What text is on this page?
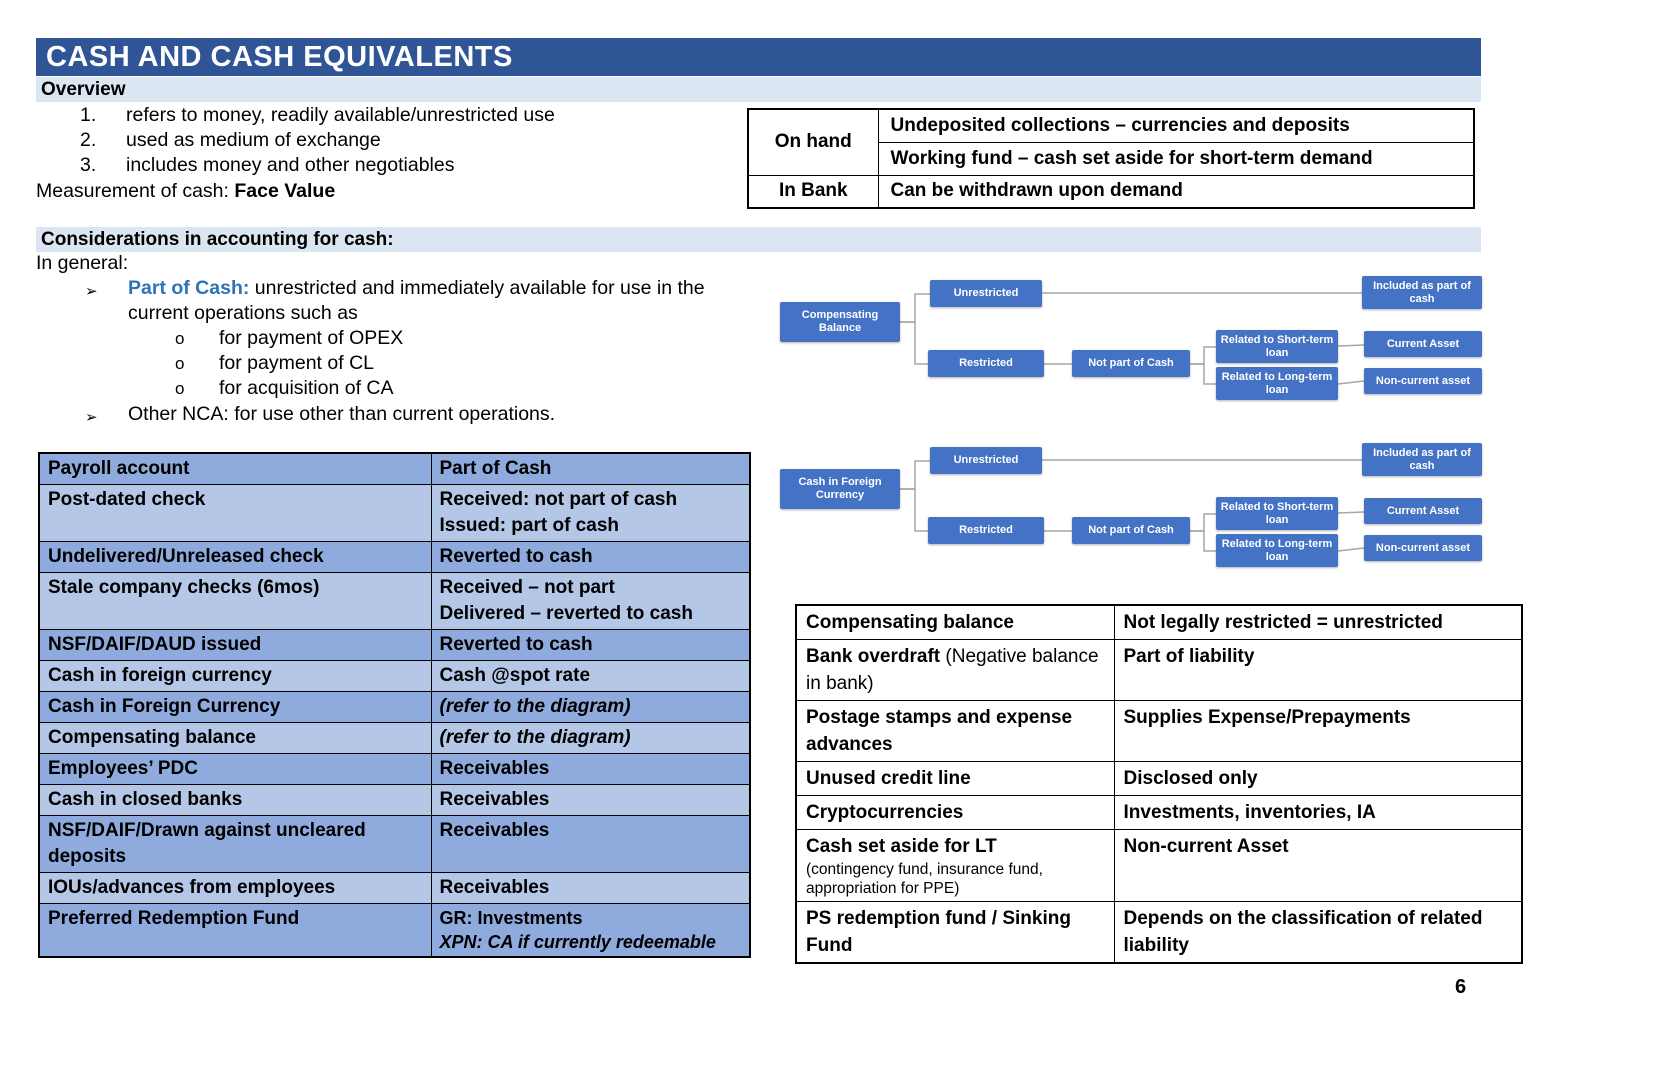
CASH AND CASH EQUIVALENTS
Overview
1.	refers to money, readily available/unrestricted use
2.	used as medium of exchange
3.	includes money and other negotiables
Measurement of cash: Face Value
On hand	Undeposited collections – currencies and deposits
	Working fund – cash set aside for short-term demand
In Bank	Can be withdrawn upon demand
Considerations in accounting for cash:
In general:
➢	Part of Cash: unrestricted and immediately available for use in the current operations such as
o	for payment of OPEX
o	for payment of CL
o	for acquisition of CA
➢	Other NCA: for use other than current operations.
Compensating Balance
Unrestricted
Restricted	Not part of Cash
Related to Short-term loan
Related to Long-term loan
Included as part of cash
Current Asset
Non-current asset
Cash in Foreign Currency
Unrestricted
Restricted	Not part of Cash
Related to Short-term loan
Related to Long-term loan
Included as part of cash
Current Asset
Non-current asset
Payroll account	Part of Cash

Post-dated check	Received: not part of cash
Issued: part of cash

Undelivered/Unreleased check	Reverted to cash

Stale company checks (6mos)	Received – not part
Delivered – reverted to cash

NSF/DAIF/DAUD issued	Reverted to cash

Cash in foreign currency	Cash @spot rate

Cash in Foreign Currency	(refer to the diagram)

Compensating balance	(refer to the diagram)

Employees’ PDC	Receivables

Cash in closed banks	Receivables

NSF/DAIF/Drawn against uncleared deposits	Receivables

IOUs/advances from employees	Receivables

Preferred Redemption Fund	GR: Investments
XPN: CA if currently redeemable
Compensating balance	Not legally restricted = unrestricted
Bank overdraft (Negative balance in bank)	Part of liability
Postage stamps and expense advances	Supplies Expense/Prepayments
Unused credit line	Disclosed only
Cryptocurrencies	Investments, inventories, IA
Cash set aside for LT
(contingency fund, insurance fund, appropriation for PPE)	Non-current Asset
PS redemption fund / Sinking Fund	Depends on the classification of related liability
6
